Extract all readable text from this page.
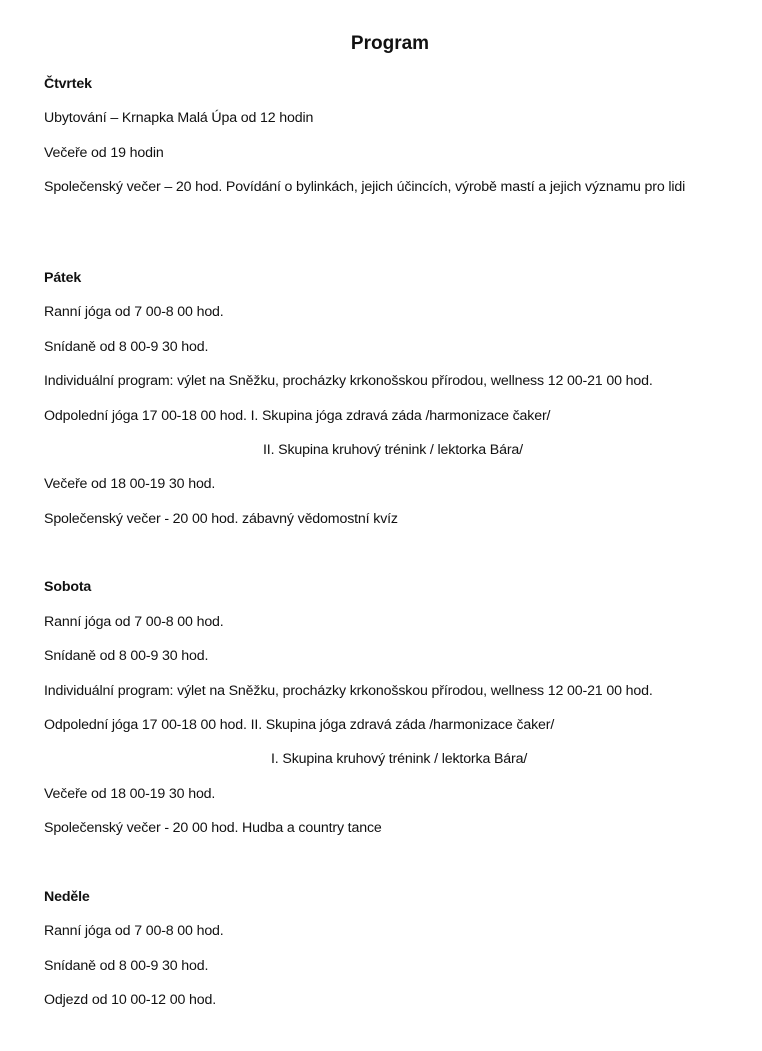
Program
Čtvrtek
Ubytování – Krnapka Malá Úpa od 12 hodin
Večeře od 19 hodin
Společenský večer – 20 hod. Povídání o bylinkách, jejich účincích, výrobě mastí a jejich významu pro lidi
Pátek
Ranní jóga od 7 00-8 00 hod.
Snídaně od 8 00-9 30 hod.
Individuální program: výlet na Sněžku, procházky krkonošskou přírodou, wellness 12 00-21 00 hod.
Odpolední jóga 17 00-18 00 hod. I. Skupina jóga zdravá záda /harmonizace čaker/
II. Skupina kruhový trénink / lektorka Bára/
Večeře od 18 00-19 30 hod.
Společenský večer - 20 00 hod. zábavný vědomostní kvíz
Sobota
Ranní jóga od 7 00-8 00 hod.
Snídaně od 8 00-9 30 hod.
Individuální program: výlet na Sněžku, procházky krkonošskou přírodou, wellness 12 00-21 00 hod.
Odpolední jóga 17 00-18 00 hod. II. Skupina jóga zdravá záda /harmonizace čaker/
I. Skupina kruhový trénink / lektorka Bára/
Večeře od 18 00-19 30 hod.
Společenský večer - 20 00 hod. Hudba a country tance
Neděle
Ranní jóga od 7 00-8 00 hod.
Snídaně od 8 00-9 30 hod.
Odjezd od 10 00-12 00 hod.
